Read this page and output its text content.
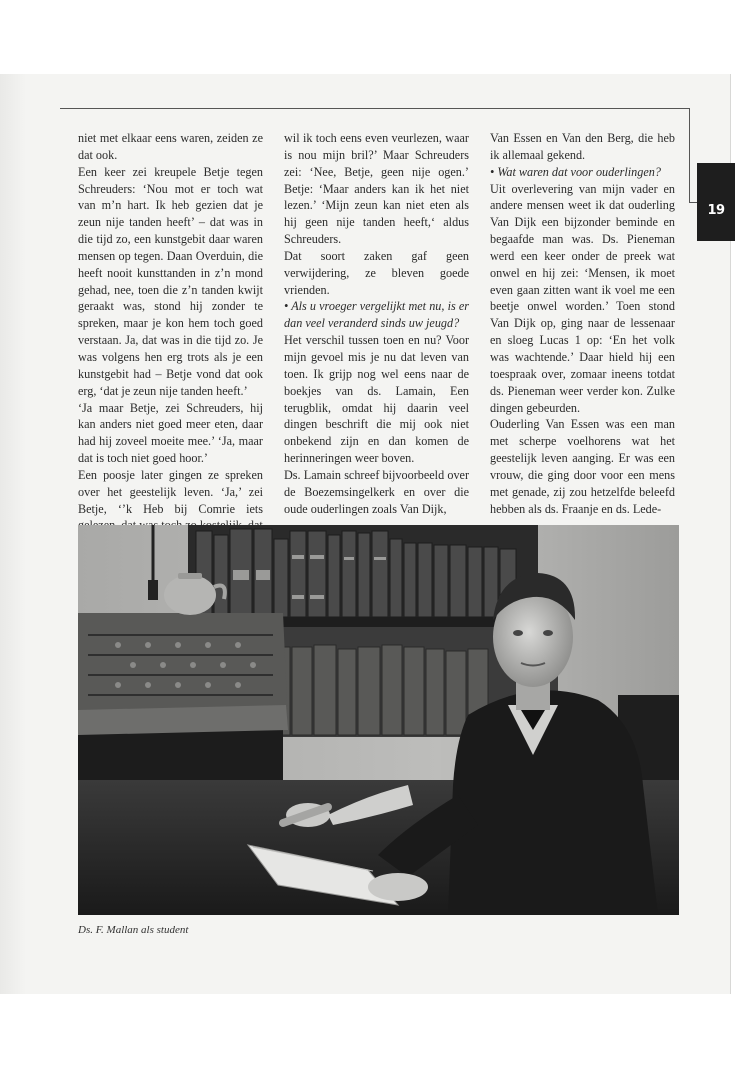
19

niet met elkaar eens waren, zeiden ze dat ook.

Een keer zei kreupele Betje tegen Schreuders: ‘Nou mot er toch wat van m’n hart. Ik heb gezien dat je zeun nije tanden heeft’ – dat was in die tijd zo, een kunstgebit daar waren mensen op tegen. Daan Overduin, die heeft nooit kunsttanden in z’n mond gehad, nee, toen die z’n tanden kwijt geraakt was, stond hij zonder te spreken, maar je kon hem toch goed verstaan. Ja, dat was in die tijd zo. Je was volgens hen erg trots als je een kunstgebit had – Betje vond dat ook erg, ‘dat je zeun nije tanden heeft.’

‘Ja maar Betje, zei Schreuders, hij kan anders niet goed meer eten, daar had hij zoveel moeite mee.’ ‘Ja, maar dat is toch niet goed hoor.’

Een poosje later gingen ze spreken over het geestelijk leven. ‘Ja,’ zei Betje, ‘’k Heb bij Comrie iets

wil ik toch eens even veurlezen, waar is nou mijn bril?’ Maar Schreuders zei: ‘Nee, Betje, geen nije ogen.’ Betje: ‘Maar anders kan ik het niet lezen.’ ‘Mijn zeun kan niet eten als hij geen nije tanden heeft,‘ aldus Schreuders.

Dat soort zaken gaf geen verwijdering, ze bleven goede vrienden.

• Als u vroeger vergelijkt met nu, is er dan veel veranderd sinds uw jeugd?

Het verschil tussen toen en nu? Voor mijn gevoel mis je nu dat leven van toen. Ik grijp nog wel eens naar de boekjes van ds. Lamain, Een terugblik, omdat hij daarin veel dingen beschrift die mij ook niet onbekend zijn en dan komen de herinneringen weer boven.

Ds. Lamain schreef bijvoorbeeld over de Boezemsingelkerk en over die oude ouderlingen zoals Van Dijk,

Van Essen en Van den Berg, die heb ik allemaal gekend.

• Wat waren dat voor ouderlingen?

Uit overlevering van mijn vader en andere mensen weet ik dat ouderling Van Dijk een bijzonder beminde en begaafde man was. Ds. Pieneman werd een keer onder de preek wat onwel en hij zei: ‘Mensen, ik moet even gaan zitten want ik voel me een beetje onwel worden.’ Toen stond Van Dijk op, ging naar de lessenaar en sloeg Lucas 1 op: ‘En het volk was wachtende.’ Daar hield hij een toespraak over, zomaar ineens totdat ds. Pieneman weer verder kon. Zulke dingen gebeurden.

Ouderling Van Essen was een man met scherpe voelhorens wat het geestelijk leven aanging. Er was een vrouw, die ging door voor een mens met genade, zij zou hetzelfde beleefd hebben als ds. Fraanje en ds. Lede-

Ds. F. Mallan als student
